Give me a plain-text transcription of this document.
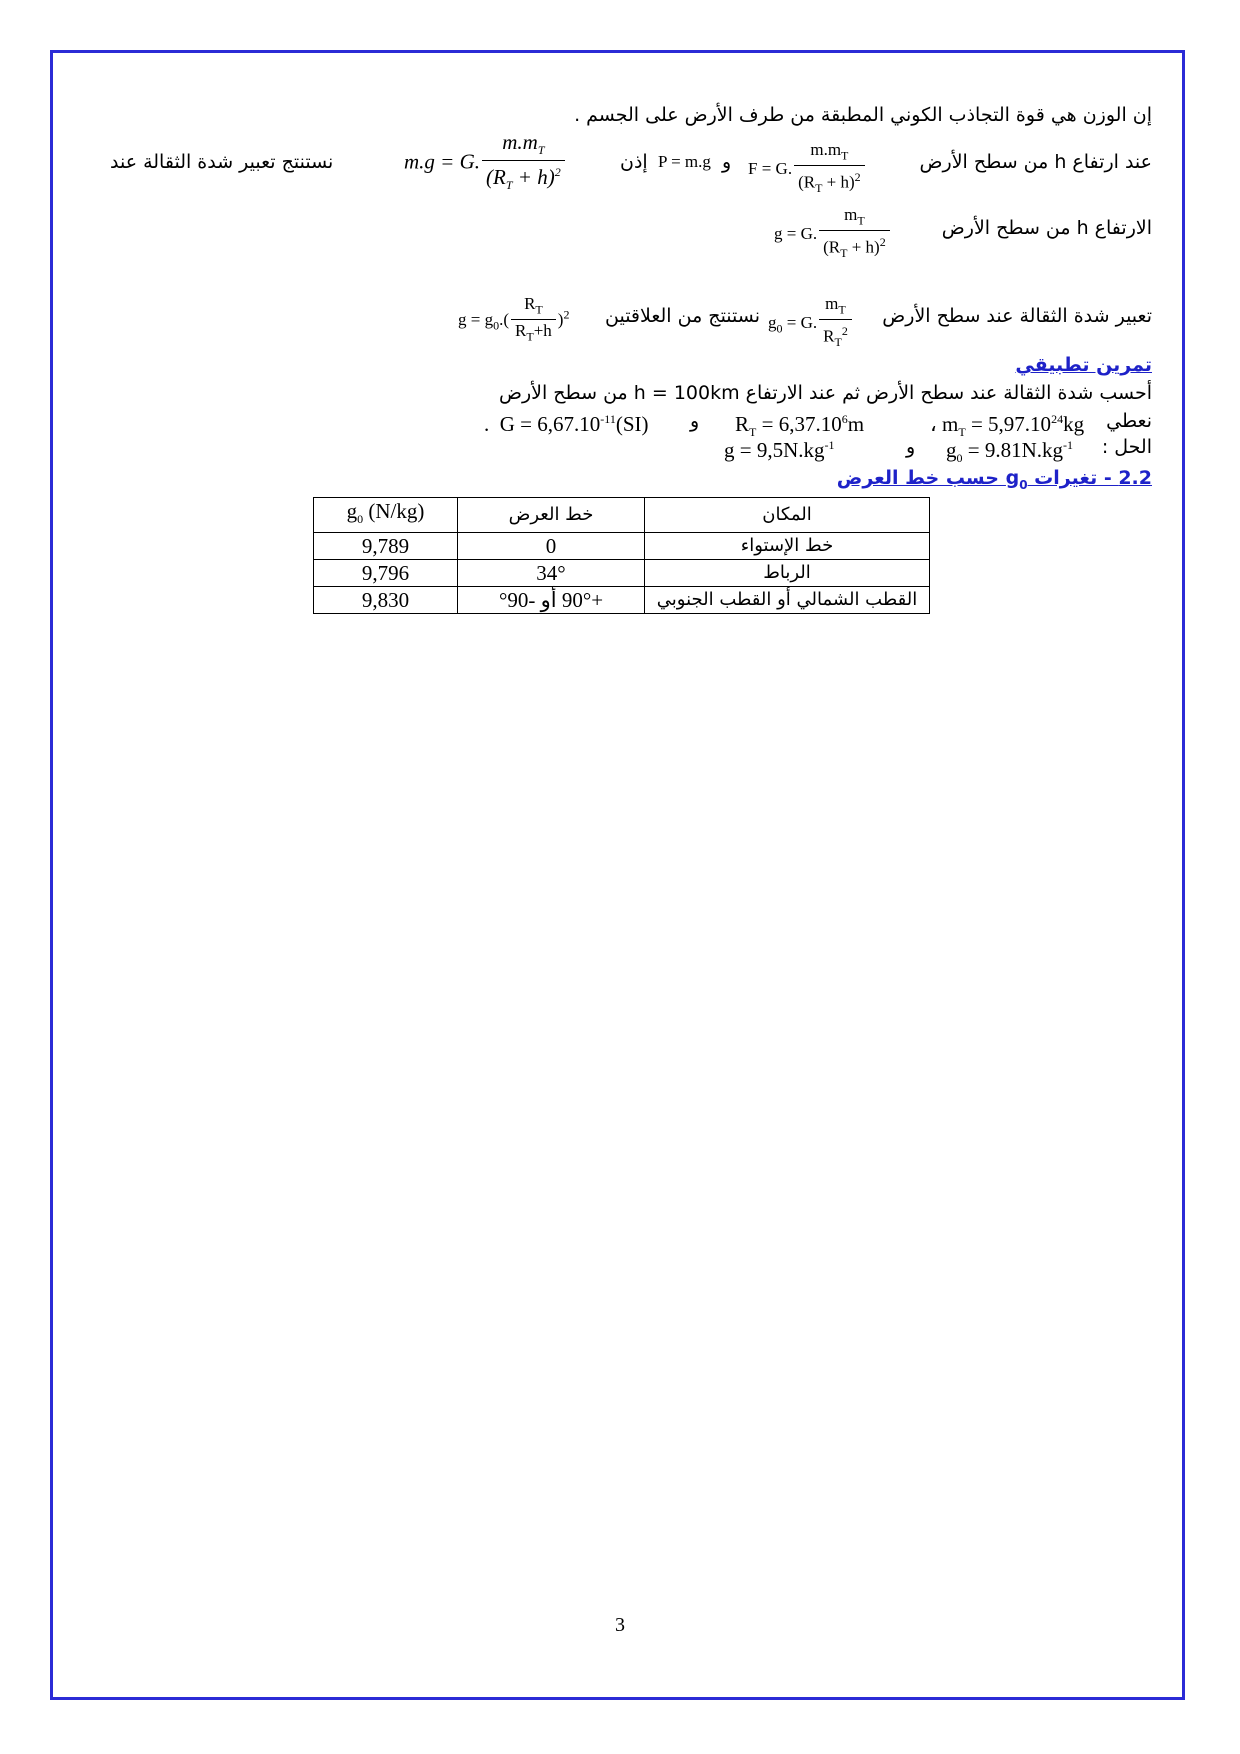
إن الوزن هي قوة التجاذب الكوني المطبقة من طرف الأرض على الجسم .
عند ارتفاع h من سطح الأرض
F = G. $\frac{m.m_T}{(R_T + h)^2}$
و
P = m.g
إذن
m.g = G. $\frac{m.m_T}{(R_T + h)^2}$
نستنتج تعبير شدة الثقالة عند
الارتفاع h من سطح الأرض
g = G. $\frac{m_T}{(R_T + h)^2}$
تعبير شدة الثقالة عند سطح الأرض
$g_0 = G$. $\frac{m_T}{R_T^2}$
نستنتج من العلاقتين
$g = g_0.( \frac{R_T}{R_T+h} )^2$
تمرين تطبيقي
أحسب شدة الثقالة عند سطح الأرض ثم عند الارتفاع h = 100km من سطح الأرض
نعطي
، $m_T = 5,97.10^{24}kg$
$R_T = 6,37.10^6m$
و
.  $G = 6,67.10^{-11}(SI)$
الحل :
$g_0 = 9.81N.kg^{-1}$
و
$g = 9,5N.kg^{-1}$
2.2 - تغيرات $g_0$ حسب خط العرض
$g_0$ (N/kg)	خط العرض	المكان
9,789	0	خط الإستواء
9,796	34°	الرباط
9,830	+90° أو -90°	القطب الشمالي أو القطب الجنوبي
3
